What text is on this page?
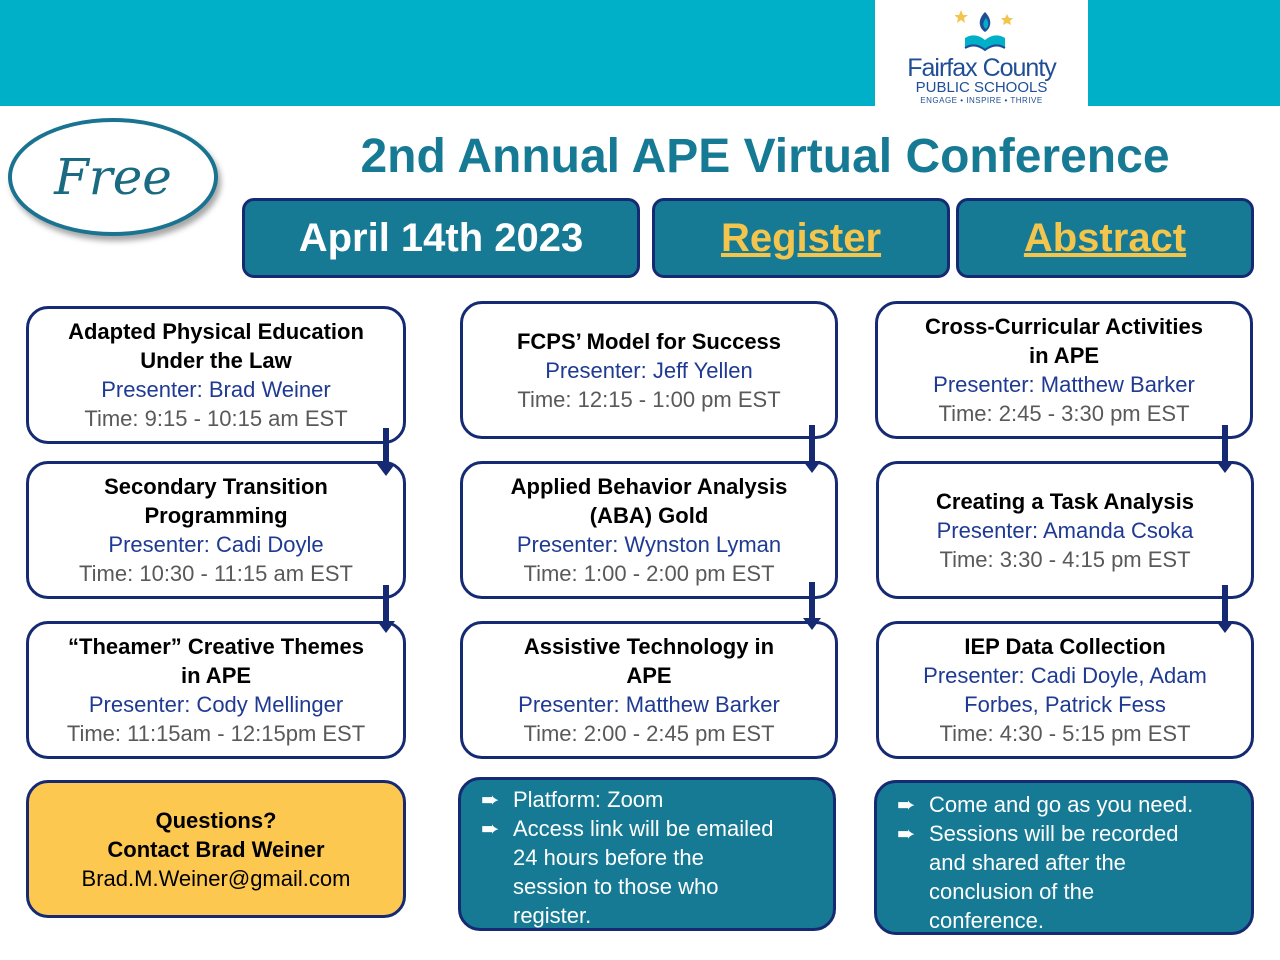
Fairfax County
PUBLIC SCHOOLS
ENGAGE • INSPIRE • THRIVE
Free	2nd Annual APE Virtual Conference
April 14th 2023	Register	Abstract
Adapted Physical Education
Under the Law
Presenter: Brad Weiner
Time: 9:15 - 10:15 am EST
Secondary Transition
Programming
Presenter: Cadi Doyle
Time: 10:30 - 11:15 am EST
“Theamer” Creative Themes
in APE
Presenter: Cody Mellinger
Time: 11:15am - 12:15pm EST
FCPS’ Model for Success
Presenter: Jeff Yellen
Time: 12:15 - 1:00 pm EST
Applied Behavior Analysis
(ABA) Gold
Presenter: Wynston Lyman
Time: 1:00 - 2:00 pm EST
Assistive Technology in
APE
Presenter: Matthew Barker
Time: 2:00 - 2:45 pm EST
Cross-Curricular Activities
in APE
Presenter: Matthew Barker
Time: 2:45 - 3:30 pm EST
Creating a Task Analysis
Presenter: Amanda Csoka
Time: 3:30 - 4:15 pm EST
IEP Data Collection
Presenter: Cadi Doyle, Adam
Forbes, Patrick Fess
Time: 4:30 - 5:15 pm EST
Questions?
Contact Brad Weiner
Brad.M.Weiner@gmail.com
➨ Platform: Zoom
➨ Access link will be emailed
24 hours before the
session to those who
register.
➨ Come and go as you need.
➨ Sessions will be recorded
and shared after the
conclusion of the
conference.
